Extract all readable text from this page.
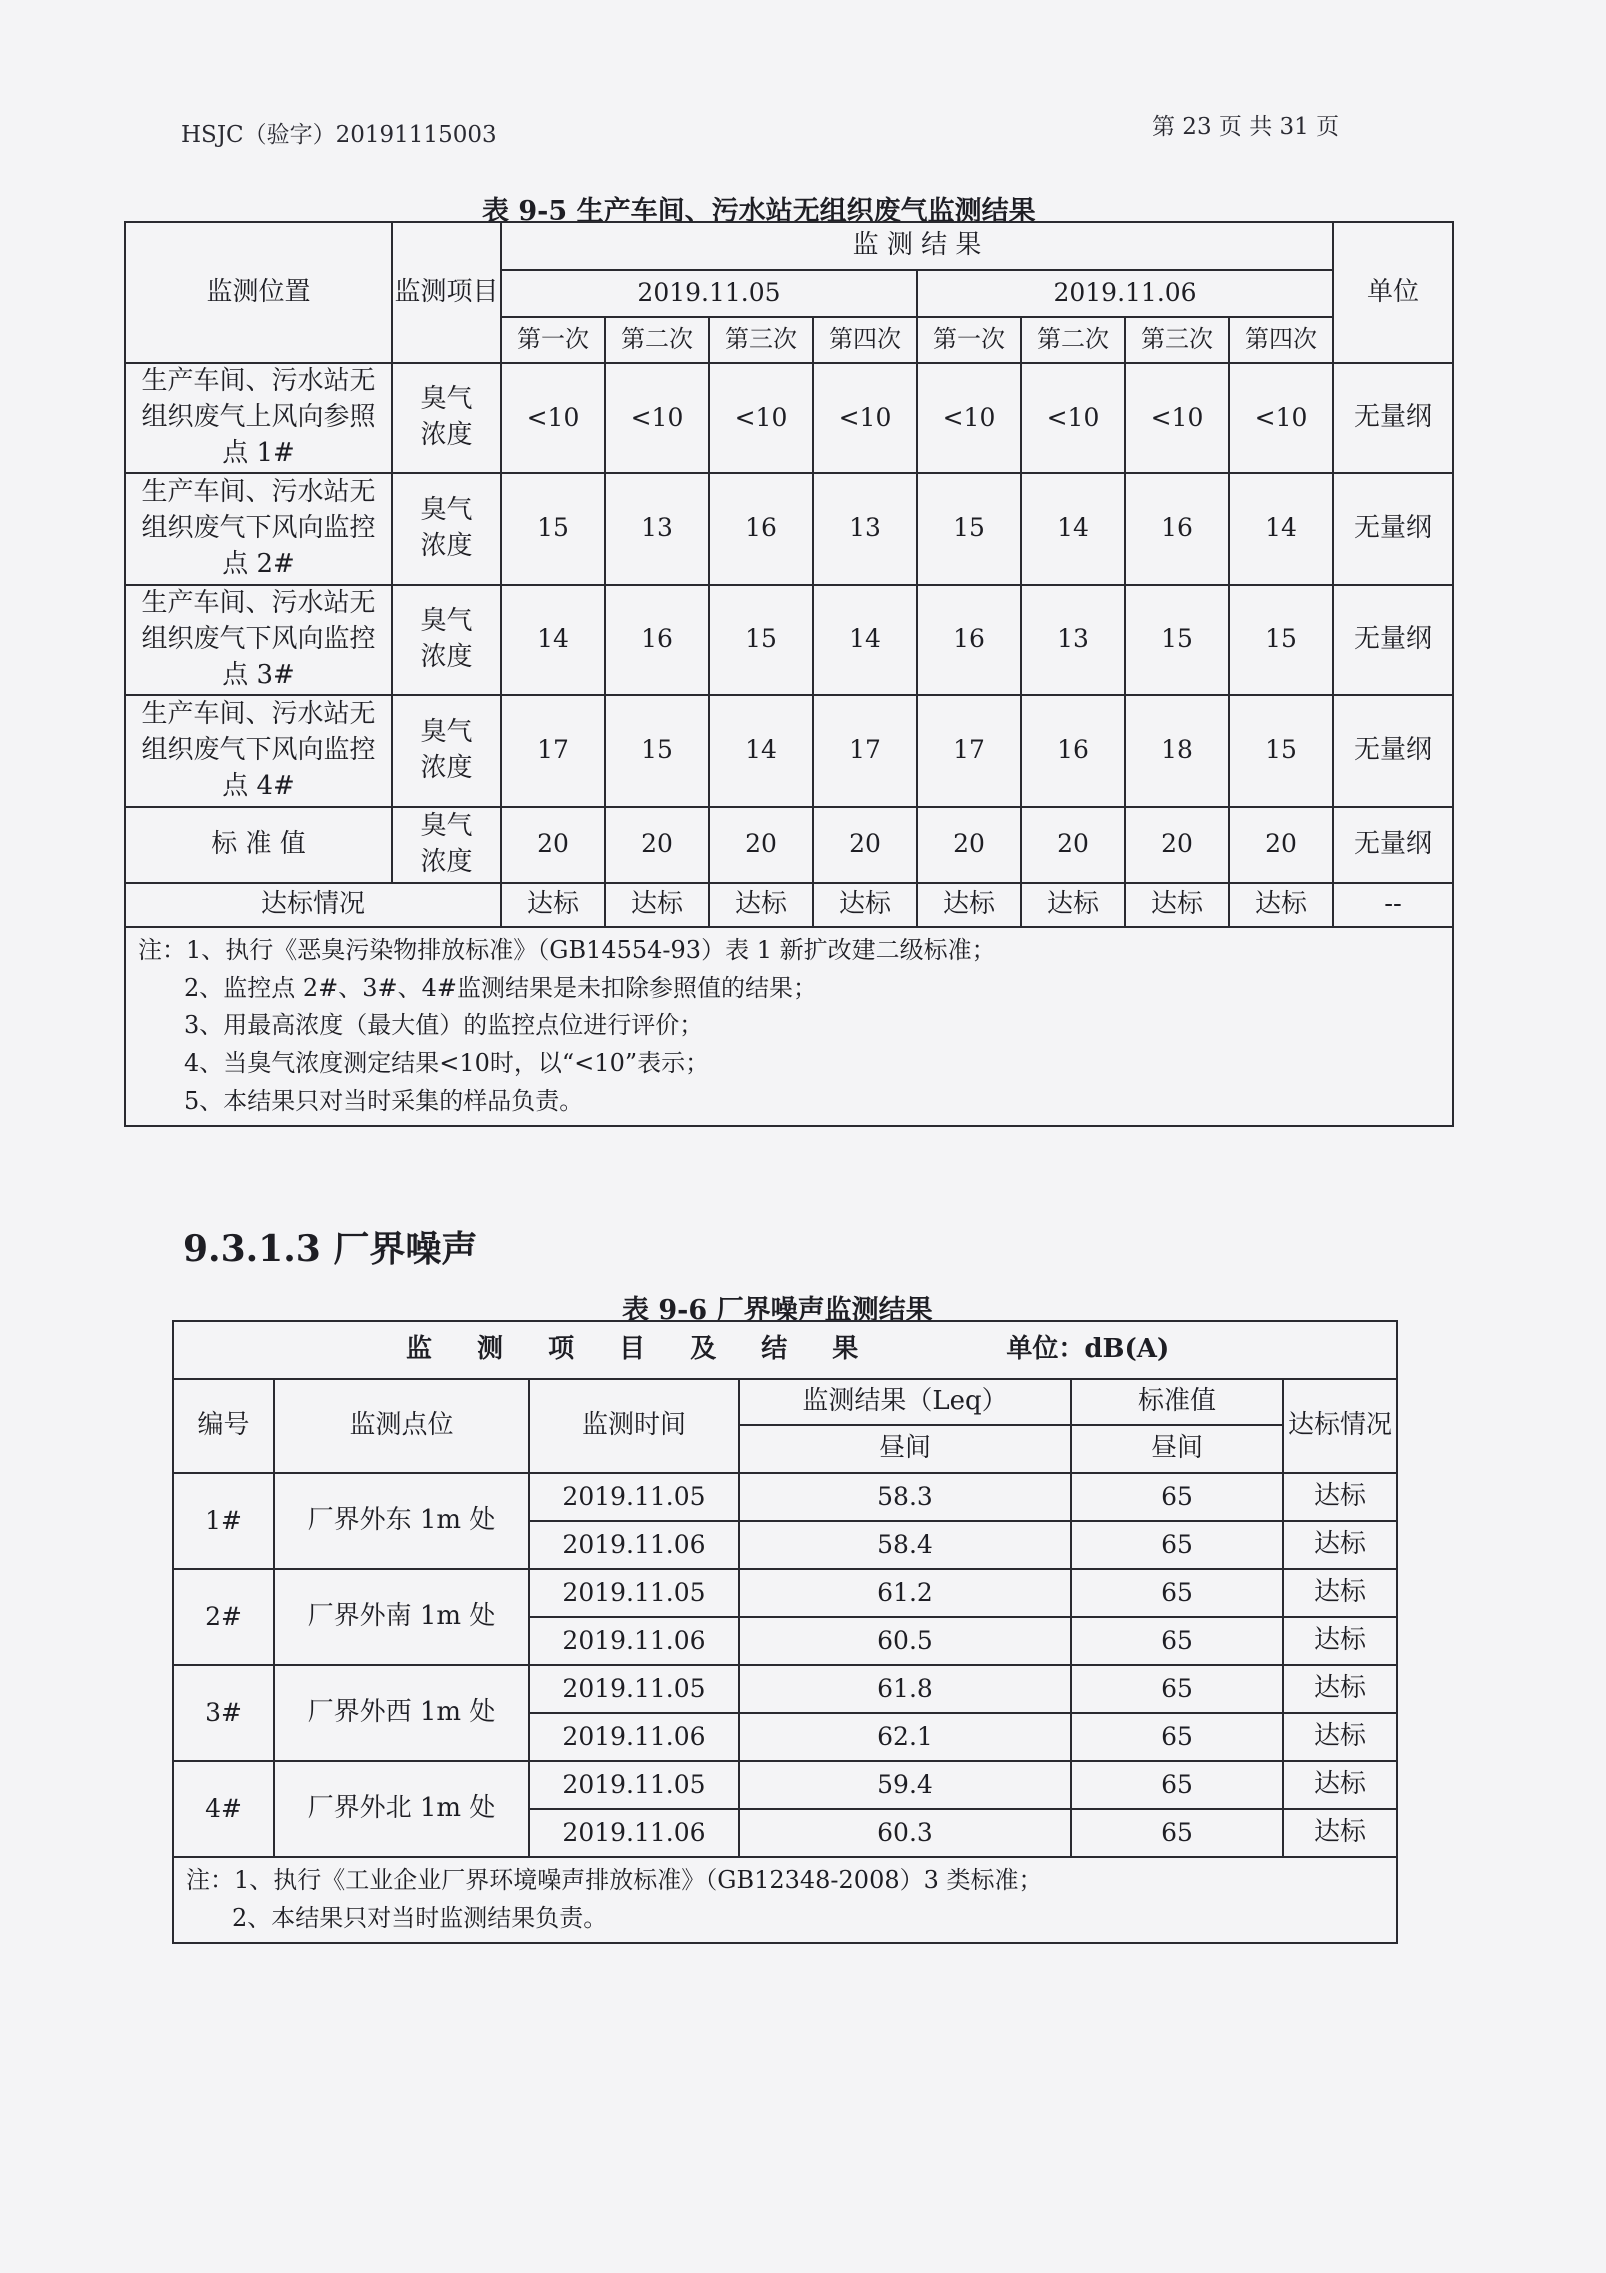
HSJC（验字）20191115003	第 23 页 共 31 页
表 9-5 生产车间、污水站无组织废气监测结果
监测位置	监测项目	监 测 结 果								单位
		2019.11.05				2019.11.06				
		第一次	第二次	第三次	第四次	第一次	第二次	第三次	第四次	
生产车间、污水站无组织废气上风向参照点 1#	臭气浓度	<10	<10	<10	<10	<10	<10	<10	<10	无量纲
生产车间、污水站无组织废气下风向监控点 2#	臭气浓度	15	13	16	13	15	14	16	14	无量纲
生产车间、污水站无组织废气下风向监控点 3#	臭气浓度	14	16	15	14	16	13	15	15	无量纲
生产车间、污水站无组织废气下风向监控点 4#	臭气浓度	17	15	14	17	17	16	18	15	无量纲
标 准 值	臭气浓度	20	20	20	20	20	20	20	20	无量纲
达标情况		达标	达标	达标	达标	达标	达标	达标	达标	--

注：1、执行《恶臭污染物排放标准》（GB14554-93）表 1 新扩改建二级标准；
2、监控点 2#、3#、4#监测结果是未扣除参照值的结果；
3、用最高浓度（最大值）的监控点位进行评价；
4、当臭气浓度测定结果<10时，以“<10”表示；
5、本结果只对当时采集的样品负责。										
9.3.1.3 厂界噪声
表 9-6 厂界噪声监测结果
监 测 项 目 及 结 果 单位：dB(A)					
编号	监测点位	监测时间	监测结果（Leq）	标准值	达标情况
			昼间	昼间	
1#	厂界外东 1m 处	2019.11.05	58.3	65	达标
		2019.11.06	58.4	65	达标
2#	厂界外南 1m 处	2019.11.05	61.2	65	达标
		2019.11.06	60.5	65	达标
3#	厂界外西 1m 处	2019.11.05	61.8	65	达标
		2019.11.06	62.1	65	达标
4#	厂界外北 1m 处	2019.11.05	59.4	65	达标
		2019.11.06	60.3	65	达标

注：1、执行《工业企业厂界环境噪声排放标准》（GB12348-2008）3 类标准；
2、本结果只对当时监测结果负责。					
